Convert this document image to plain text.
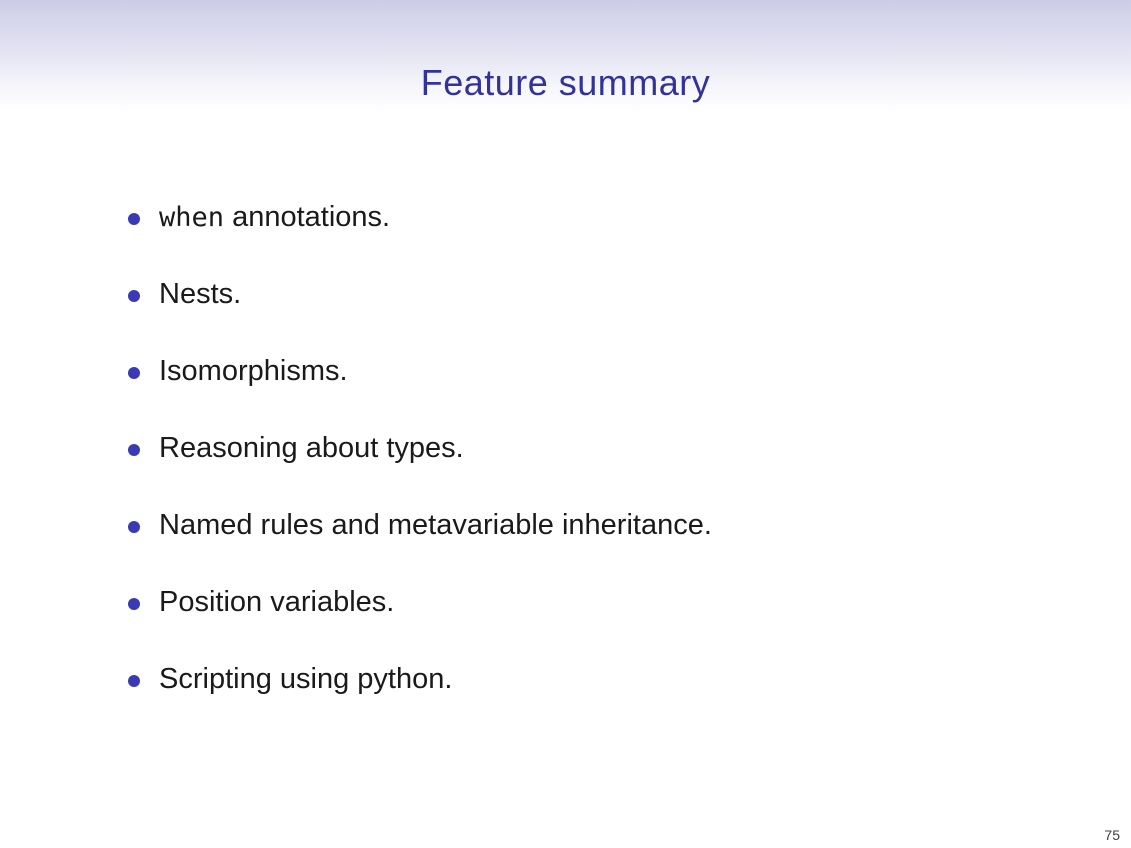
Feature summary
when annotations.
Nests.
Isomorphisms.
Reasoning about types.
Named rules and metavariable inheritance.
Position variables.
Scripting using python.
75
